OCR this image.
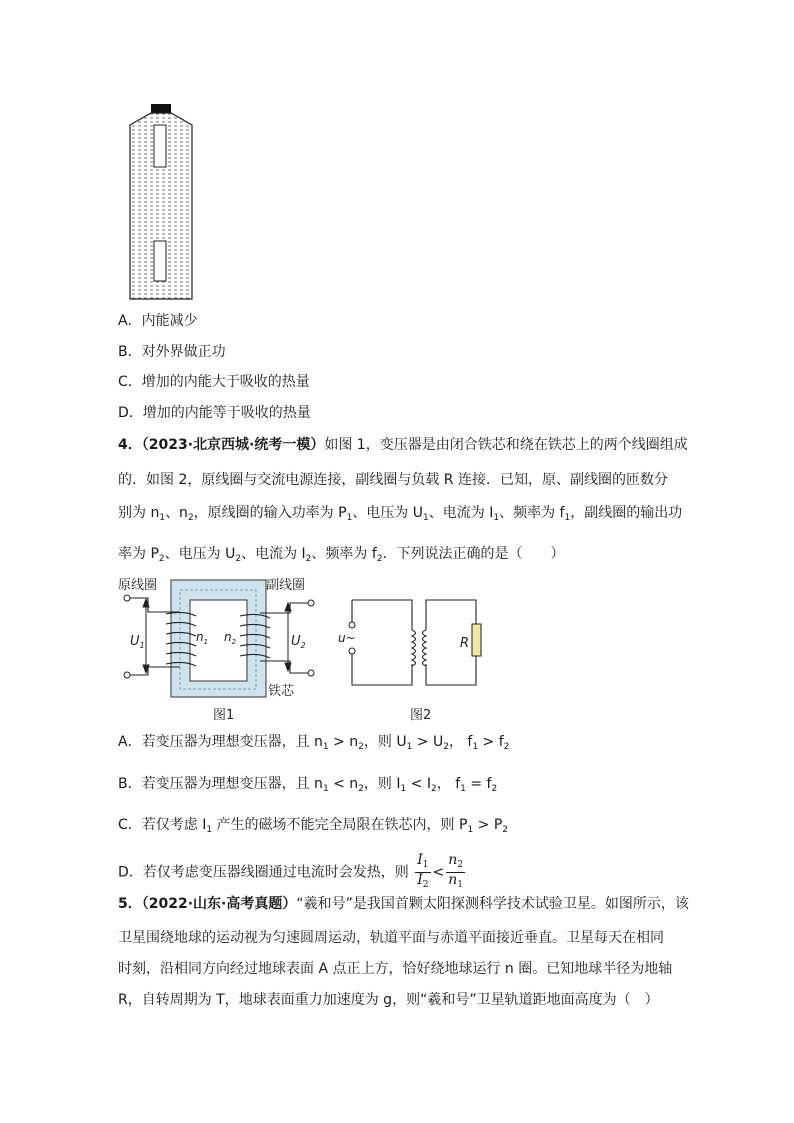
A．内能减少
B．对外界做正功
C．增加的内能大于吸收的热量
D．增加的内能等于吸收的热量
4．（2023·北京西城·统考一模）如图 1，变压器是由闭合铁芯和绕在铁芯上的两个线圈组成
的．如图 2，原线圈与交流电源连接，副线圈与负载 R 连接．已知，原、副线圈的匝数分
别为 $n_1$、$n_2$，原线圈的输入功率为 $P_1$、电压为 $U_1$、电流为 $I_1$、频率为 $f_1$，副线圈的输出功
率为 $P_2$、电压为 $U_2$、电流为 $I_2$、频率为 $f_2$．下列说法正确的是（　　）
原线圈	副线圈
铁芯
$U_1$	$U_2$
$n_1$ $n_2$
图1
u~	R
图2
A．若变压器为理想变压器，且 $n_1 > n_2$，则 $U_1 > U_2$， $f_1 > f_2$
B．若变压器为理想变压器，且 $n_1 < n_2$，则 $I_1 < I_2$， $f_1 = f_2$
C．若仅考虑 $I_1$ 产生的磁场不能完全局限在铁芯内，则 $P_1 > P_2$
D．若仅考虑变压器线圈通过电流时会发热，则 $\frac{I_1}{I_2} < \frac{n_2}{n_1}$
5．（2022·山东·高考真题）“羲和号”是我国首颗太阳探测科学技术试验卫星。如图所示，该
卫星围绕地球的运动视为匀速圆周运动，轨道平面与赤道平面接近垂直。卫星每天在相同
时刻，沿相同方向经过地球表面 A 点正上方，恰好绕地球运行 n 圈。已知地球半径为地轴
R，自转周期为 T，地球表面重力加速度为 g，则“羲和号”卫星轨道距地面高度为（　）
